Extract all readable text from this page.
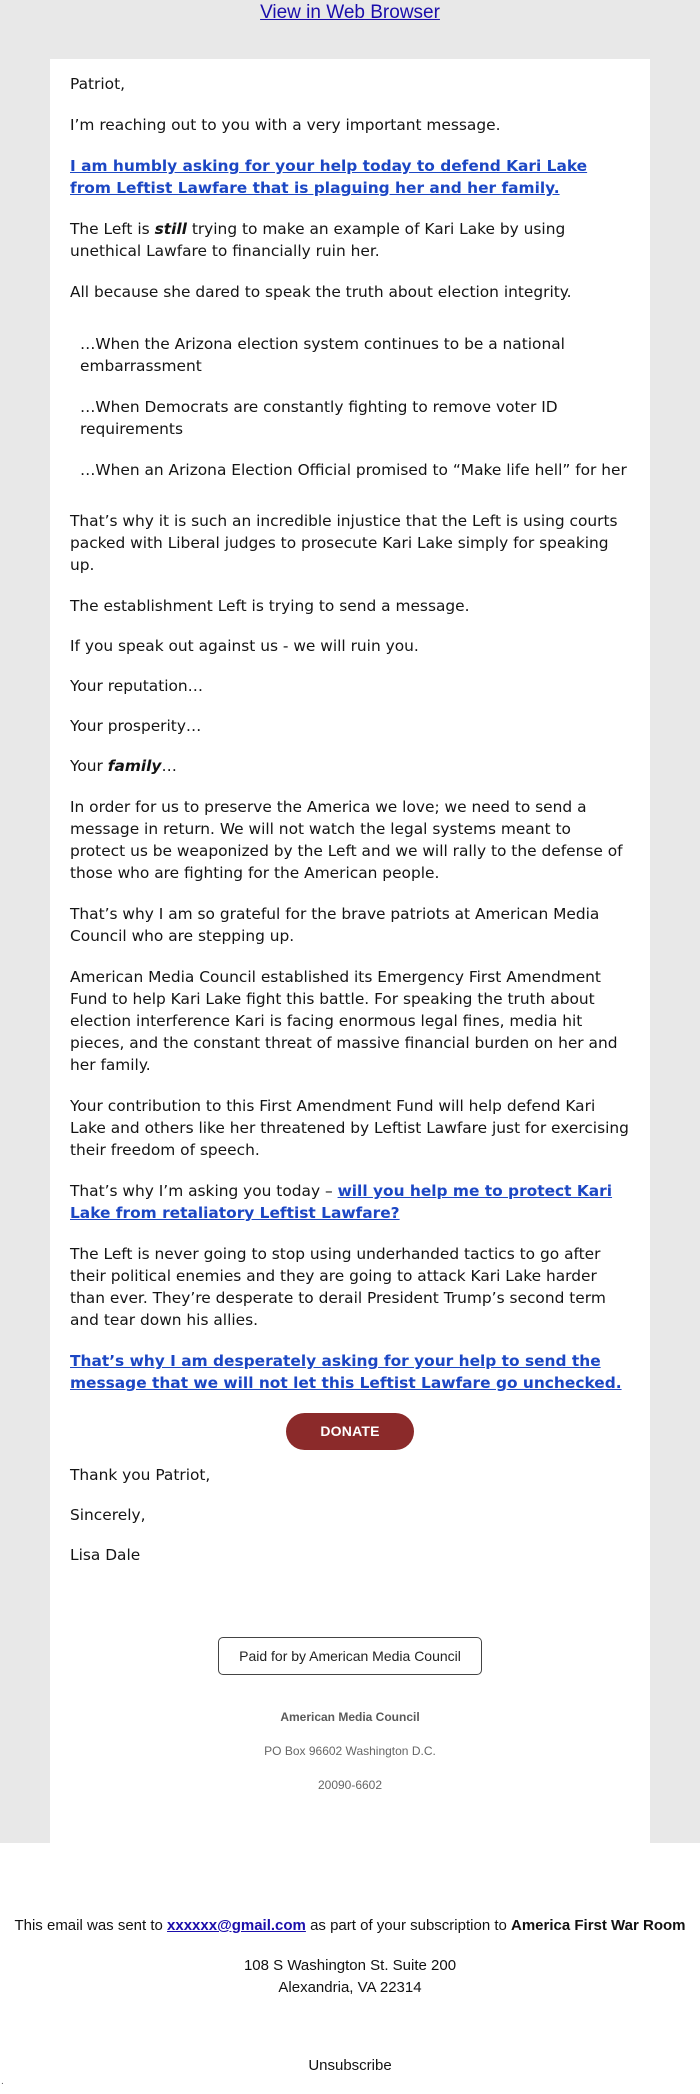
View in Web Browser

Patriot,

I’m reaching out to you with a very important message.

I am humbly asking for your help today to defend Kari Lake from Leftist Lawfare that is plaguing her and her family.

The Left is still trying to make an example of Kari Lake by using unethical Lawfare to financially ruin her.

All because she dared to speak the truth about election integrity.

…When the Arizona election system continues to be a national embarrassment

…When Democrats are constantly fighting to remove voter ID requirements

…When an Arizona Election Official promised to “Make life hell” for her

That’s why it is such an incredible injustice that the Left is using courts packed with Liberal judges to prosecute Kari Lake simply for speaking up.

The establishment Left is trying to send a message.

If you speak out against us - we will ruin you.

Your reputation…

Your prosperity…

Your family…

In order for us to preserve the America we love; we need to send a message in return. We will not watch the legal systems meant to protect us be weaponized by the Left and we will rally to the defense of those who are fighting for the American people.

That’s why I am so grateful for the brave patriots at American Media Council who are stepping up.

American Media Council established its Emergency First Amendment Fund to help Kari Lake fight this battle. For speaking the truth about election interference Kari is facing enormous legal fines, media hit pieces, and the constant threat of massive financial burden on her and her family.

Your contribution to this First Amendment Fund will help defend Kari Lake and others like her threatened by Leftist Lawfare just for exercising their freedom of speech.

That’s why I’m asking you today – will you help me to protect Kari Lake from retaliatory Leftist Lawfare?

The Left is never going to stop using underhanded tactics to go after their political enemies and they are going to attack Kari Lake harder than ever. They’re desperate to derail President Trump’s second term and tear down his allies.

That’s why I am desperately asking for your help to send the message that we will not let this Leftist Lawfare go unchecked.

DONATE

Thank you Patriot,

Sincerely,

Lisa Dale

Paid for by American Media Council
American Media Council
PO Box 96602 Washington D.C.
20090-6602
This email was sent to xxxxxx@gmail.com as part of your subscription to America First War Room
108 S Washington St. Suite 200
Alexandria, VA 22314
Unsubscribe
.
